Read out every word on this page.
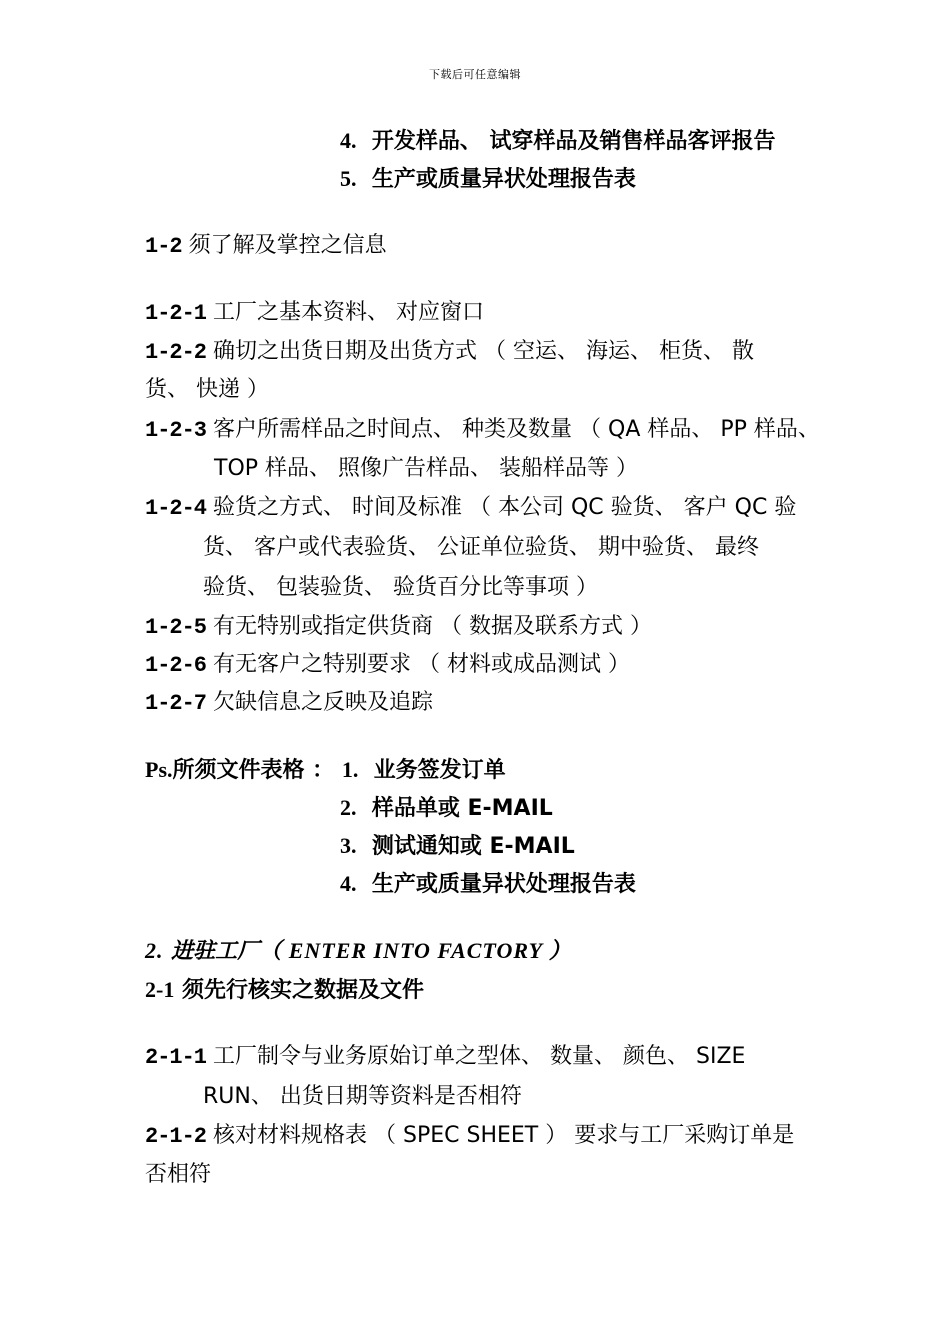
下载后可任意编辑
4. 开发样品、 试穿样品及销售样品客评报告
5. 生产或质量异状处理报告表
1-2 须了解及掌控之信息
1-2-1 工厂之基本资料、 对应窗口
1-2-2 确切之出货日期及出货方式 （ 空运、 海运、 柜货、 散
货、 快递 ）
1-2-3 客户所需样品之时间点、 种类及数量 （ QA 样品、 PP 样品、
TOP 样品、 照像广告样品、 装船样品等 ）
1-2-4 验货之方式、 时间及标准 （ 本公司 QC 验货、 客户 QC 验
货、 客户或代表验货、 公证单位验货、 期中验货、 最终
验货、 包装验货、 验货百分比等事项 ）
1-2-5 有无特别或指定供货商 （ 数据及联系方式 ）
1-2-6 有无客户之特别要求 （ 材料或成品测试 ）
1-2-7 欠缺信息之反映及追踪
Ps.所须文件表格 ： 1. 业务签发订单
2. 样品单或 E-MAIL
3. 测试通知或 E-MAIL
4. 生产或质量异状处理报告表
2. 进驻工厂（ ENTER INTO FACTORY ）
2-1 须先行核实之数据及文件
2-1-1 工厂制令与业务原始订单之型体、 数量、 颜色、 SIZE
RUN、 出货日期等资料是否相符
2-1-2 核对材料规格表 （ SPEC SHEET ） 要求与工厂采购订单是
否相符
